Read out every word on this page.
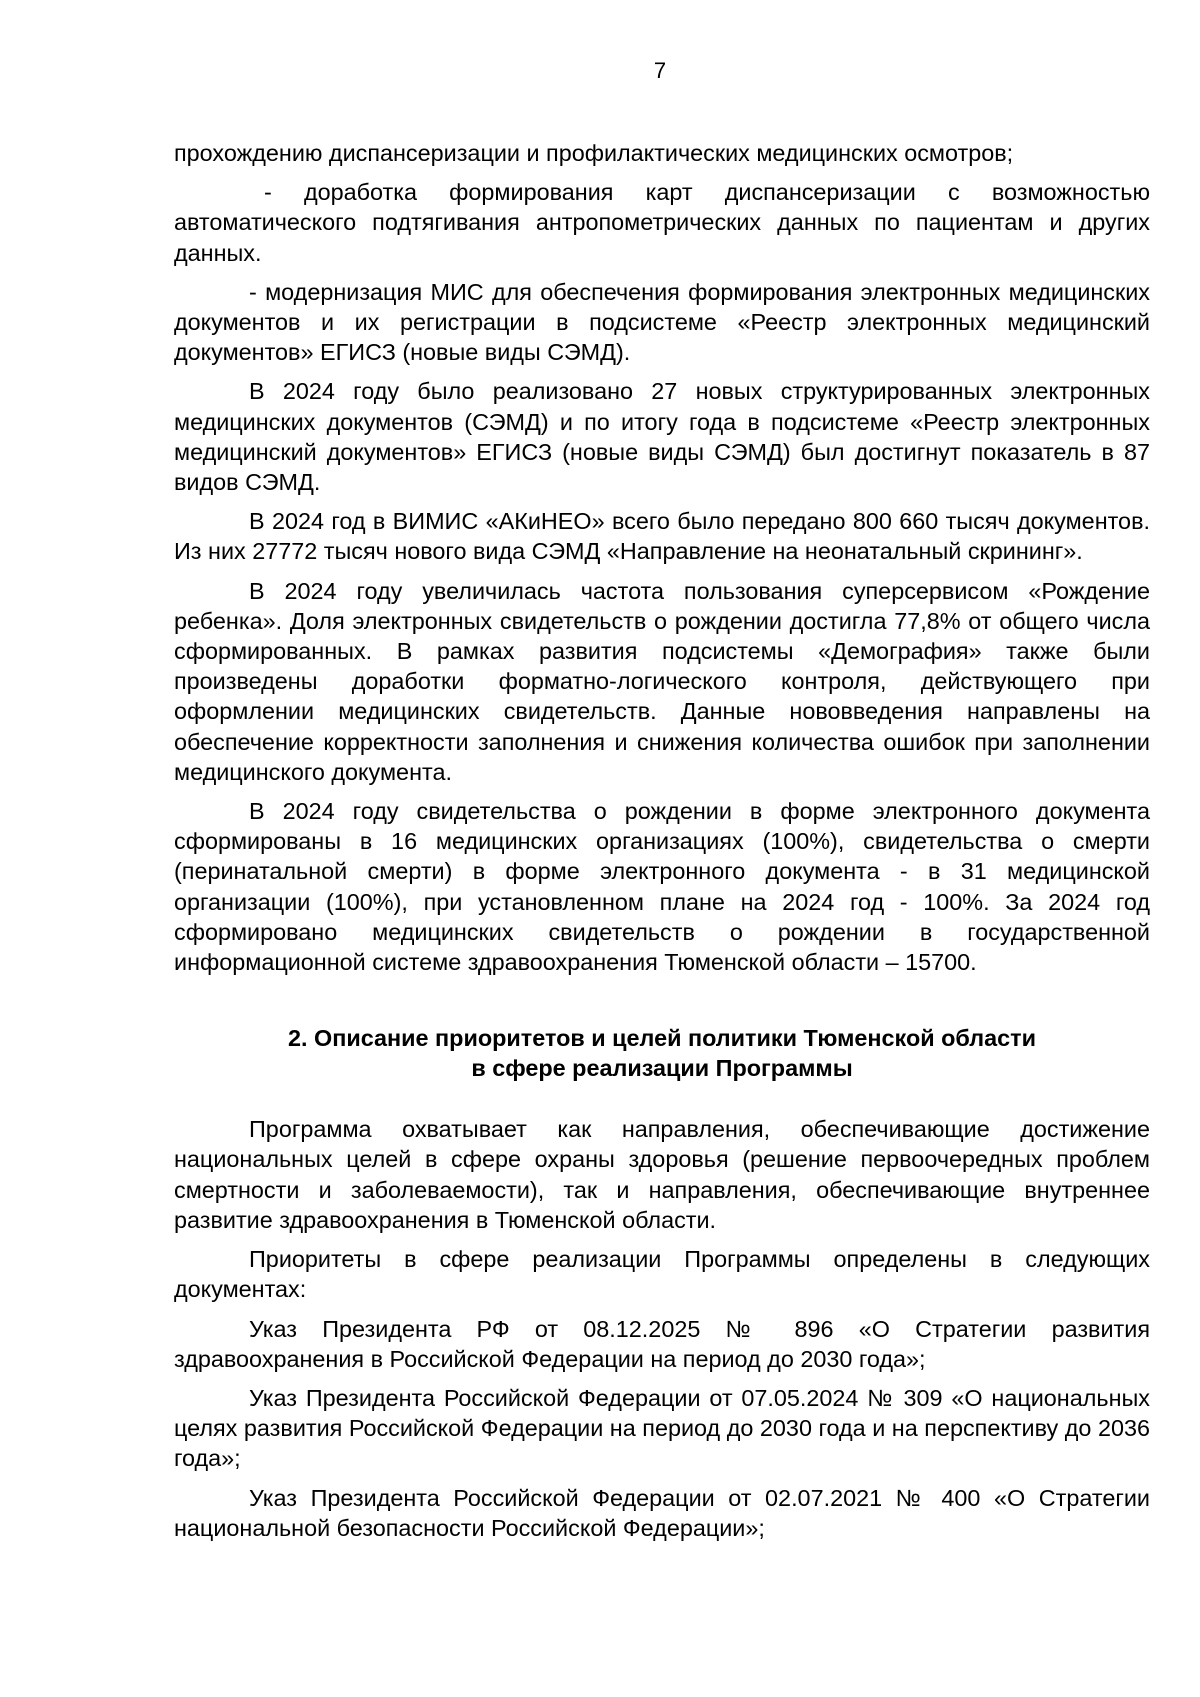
7

прохождению диспансеризации и профилактических медицинских осмотров;

- доработка формирования карт диспансеризации с возможностью автоматического подтягивания антропометрических данных по пациентам и других данных.

- модернизация МИС для обеспечения формирования электронных медицинских документов и их регистрации в подсистеме «Реестр электронных медицинский документов» ЕГИСЗ (новые виды СЭМД).

В 2024 году было реализовано 27 новых структурированных электронных медицинских документов (СЭМД) и по итогу года в подсистеме «Реестр электронных медицинский документов» ЕГИСЗ (новые виды СЭМД) был достигнут показатель в 87 видов СЭМД.

В 2024 год в ВИМИС «АКиНЕО» всего было передано 800 660 тысяч документов. Из них 27772 тысяч нового вида СЭМД «Направление на неонатальный скрининг».

В 2024 году увеличилась частота пользования суперсервисом «Рождение ребенка». Доля электронных свидетельств о рождении достигла 77,8% от общего числа сформированных. В рамках развития подсистемы «Демография» также были произведены доработки форматно-логического контроля, действующего при оформлении медицинских свидетельств. Данные нововведения направлены на обеспечение корректности заполнения и снижения количества ошибок при заполнении медицинского документа.

В 2024 году свидетельства о рождении в форме электронного документа сформированы в 16 медицинских организациях (100%), свидетельства о смерти (перинатальной смерти) в форме электронного документа - в 31 медицинской организации (100%), при установленном плане на 2024 год - 100%. За 2024 год сформировано медицинских свидетельств о рождении в государственной информационной системе здравоохранения Тюменской области – 15700.

2. Описание приоритетов и целей политики Тюменской области
в сфере реализации Программы

Программа охватывает как направления, обеспечивающие достижение национальных целей в сфере охраны здоровья (решение первоочередных проблем смертности и заболеваемости), так и направления, обеспечивающие внутреннее развитие здравоохранения в Тюменской области.

Приоритеты в сфере реализации Программы определены в следующих документах:

Указ Президента РФ от 08.12.2025 № 896 «О Стратегии развития здравоохранения в Российской Федерации на период до 2030 года»;

Указ Президента Российской Федерации от 07.05.2024 № 309 «О национальных целях развития Российской Федерации на период до 2030 года и на перспективу до 2036 года»;

Указ Президента Российской Федерации от 02.07.2021 № 400 «О Стратегии национальной безопасности Российской Федерации»;
